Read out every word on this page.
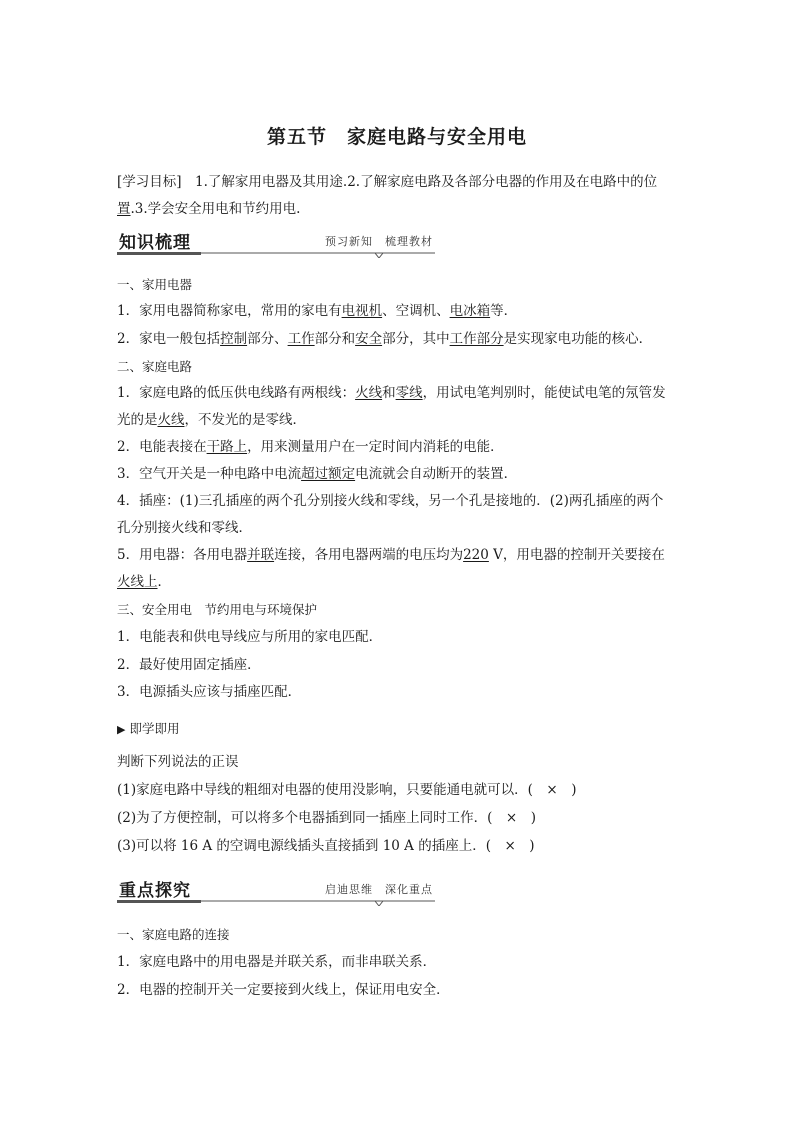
第五节　家庭电路与安全用电
[学习目标]　1.了解家用电器及其用途.2.了解家庭电路及各部分电器的作用及在电路中的位
置.3.学会安全用电和节约用电.
知识梳理	预习新知　梳理教材
一、家用电器
1．家用电器简称家电，常用的家电有电视机、空调机、电冰箱等．
2．家电一般包括控制部分、工作部分和安全部分，其中工作部分是实现家电功能的核心．
二、家庭电路
1．家庭电路的低压供电线路有两根线：火线和零线，用试电笔判别时，能使试电笔的氖管发
光的是火线，不发光的是零线．
2．电能表接在干路上，用来测量用户在一定时间内消耗的电能．
3．空气开关是一种电路中电流超过额定电流就会自动断开的装置．
4．插座：(1)三孔插座的两个孔分别接火线和零线，另一个孔是接地的．(2)两孔插座的两个
孔分别接火线和零线．
5．用电器：各用电器并联连接，各用电器两端的电压均为220 V，用电器的控制开关要接在
火线上．
三、安全用电　节约用电与环境保护
1．电能表和供电导线应与所用的家电匹配．
2．最好使用固定插座．
3．电源插头应该与插座匹配．
▶ 即学即用
判断下列说法的正误
(1)家庭电路中导线的粗细对电器的使用没影响，只要能通电就可以．(　×　)
(2)为了方便控制，可以将多个电器插到同一插座上同时工作．(　×　)
(3)可以将 16 A 的空调电源线插头直接插到 10 A 的插座上．(　×　)
重点探究	启迪思维　深化重点
一、家庭电路的连接
1．家庭电路中的用电器是并联关系，而非串联关系．
2．电器的控制开关一定要接到火线上，保证用电安全．
